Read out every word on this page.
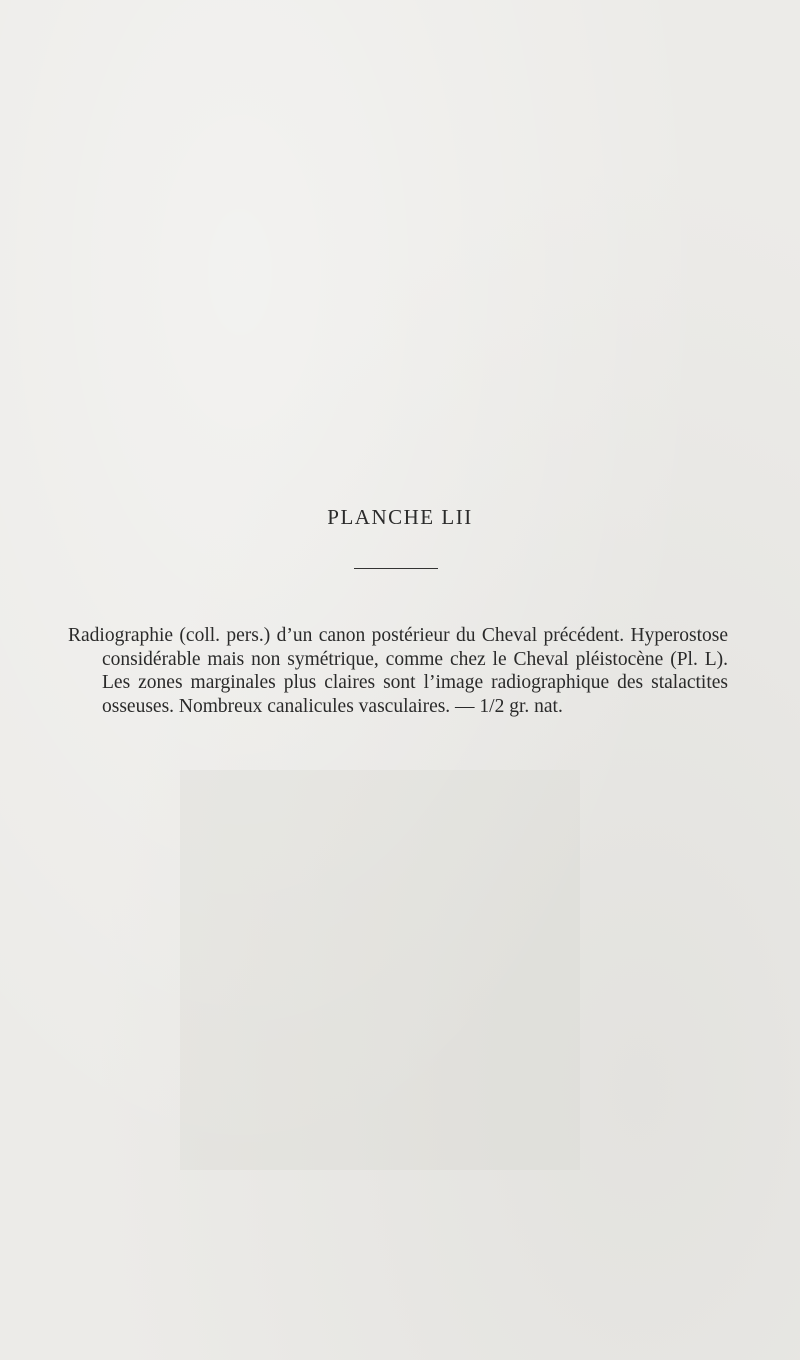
PLANCHE LII

Radiographie (coll. pers.) d’un canon postérieur du Cheval précédent. Hyperostose considérable mais non symétrique, comme chez le Cheval pléistocène (Pl. L). Les zones marginales plus claires sont l’image radiographique des stalactites osseuses. Nombreux canalicules vasculaires. — 1/2 gr. nat.
